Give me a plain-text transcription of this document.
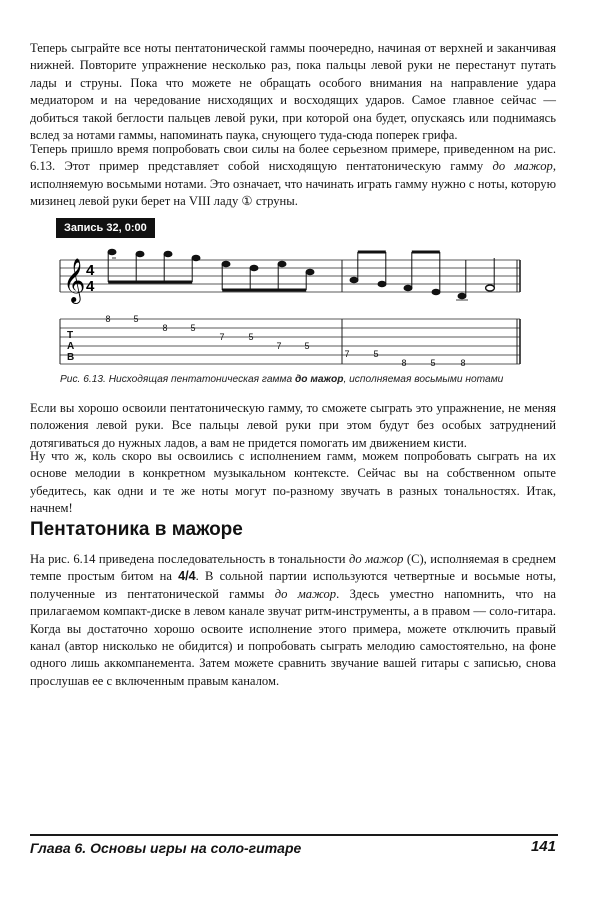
Теперь сыграйте все ноты пентатонической гаммы поочередно, начиная от верхней и заканчивая нижней. Повторите упражнение несколько раз, пока пальцы левой руки не перестанут путать лады и струны. Пока что можете не обращать особого внимания на направление удара медиатором и на чередование нисходящих и восходящих ударов. Самое главное сейчас — добиться такой беглости пальцев левой руки, при которой она будет, опускаясь или поднимаясь вслед за нотами гаммы, напоминать паука, снующего туда-сюда поперек грифа.

Теперь пришло время попробовать свои силы на более серьезном примере, приведенном на рис. 6.13. Этот пример представляет собой нисходящую пентатоническую гамму до мажор, исполняемую восьмыми нотами. Это означает, что начинать играть гамму нужно с ноты, которую мизинец левой руки берет на VIII ладу ① струны.

Запись 32, 0:00
𝄞 4
4
T
A
B
8	5
8	5
7	5
7	5
7	5
8	5	8
Рис. 6.13. Нисходящая пентатоническая гамма до мажор, исполняемая восьмыми нотами

Если вы хорошо освоили пентатоническую гамму, то сможете сыграть это упражнение, не меняя положения левой руки. Все пальцы левой руки при этом будут без особых затруднений дотягиваться до нужных ладов, а вам не придется помогать им движением кисти.

Ну что ж, коль скоро вы освоились с исполнением гамм, можем попробовать сыграть на их основе мелодии в конкретном музыкальном контексте. Сейчас вы на собственном опыте убедитесь, как одни и те же ноты могут по-разному звучать в разных тональностях. Итак, начнем!

Пентатоника в мажоре

На рис. 6.14 приведена последовательность в тональности до мажор (C), исполняемая в среднем темпе простым битом на 4/4. В сольной партии используются четвертные и восьмые ноты, полученные из пентатонической гаммы до мажор. Здесь уместно напомнить, что на прилагаемом компакт-диске в левом канале звучат ритм-инструменты, а в правом — соло-гитара. Когда вы достаточно хорошо освоите исполнение этого примера, можете отключить правый канал (автор нисколько не обидится) и попробовать сыграть мелодию самостоятельно, на фоне одного лишь аккомпанемента. Затем можете сравнить звучание вашей гитары с записью, снова прослушав ее с включенным правым каналом.

Глава 6. Основы игры на соло-гитаре	141
